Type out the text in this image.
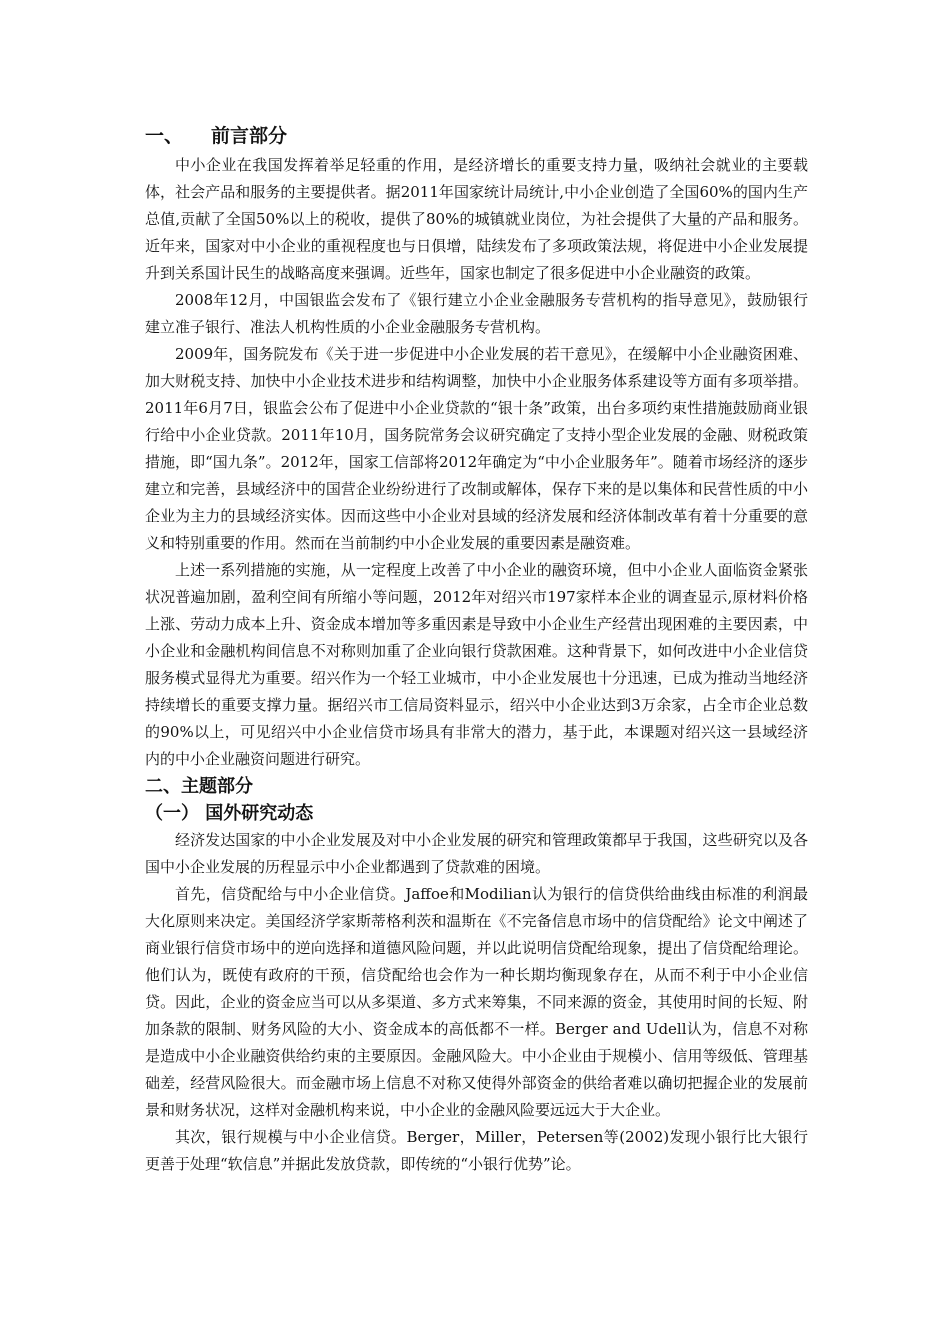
一、 前言部分

中小企业在我国发挥着举足轻重的作用，是经济增长的重要支持力量，吸纳社会就业的主要载体，社会产品和服务的主要提供者。据2011年国家统计局统计,中小企业创造了全国60%的国内生产总值,贡献了全国50%以上的税收，提供了80%的城镇就业岗位，为社会提供了大量的产品和服务。近年来，国家对中小企业的重视程度也与日俱增，陆续发布了多项政策法规，将促进中小企业发展提升到关系国计民生的战略高度来强调。近些年，国家也制定了很多促进中小企业融资的政策。

2008年12月，中国银监会发布了《银行建立小企业金融服务专营机构的指导意见》，鼓励银行建立准子银行、准法人机构性质的小企业金融服务专营机构。

2009年，国务院发布《关于进一步促进中小企业发展的若干意见》，在缓解中小企业融资困难、加大财税支持、加快中小企业技术进步和结构调整，加快中小企业服务体系建设等方面有多项举措。2011年6月7日，银监会公布了促进中小企业贷款的“银十条”政策，出台多项约束性措施鼓励商业银行给中小企业贷款。2011年10月，国务院常务会议研究确定了支持小型企业发展的金融、财税政策措施，即“国九条”。2012年，国家工信部将2012年确定为“中小企业服务年”。随着市场经济的逐步建立和完善，县域经济中的国营企业纷纷进行了改制或解体，保存下来的是以集体和民营性质的中小企业为主力的县域经济实体。因而这些中小企业对县域的经济发展和经济体制改革有着十分重要的意义和特别重要的作用。然而在当前制约中小企业发展的重要因素是融资难。

上述一系列措施的实施，从一定程度上改善了中小企业的融资环境，但中小企业人面临资金紧张状况普遍加剧，盈利空间有所缩小等问题，2012年对绍兴市197家样本企业的调查显示,原材料价格上涨、劳动力成本上升、资金成本增加等多重因素是导致中小企业生产经营出现困难的主要因素，中小企业和金融机构间信息不对称则加重了企业向银行贷款困难。这种背景下，如何改进中小企业信贷服务模式显得尤为重要。绍兴作为一个轻工业城市，中小企业发展也十分迅速，已成为推动当地经济持续增长的重要支撑力量。据绍兴市工信局资料显示，绍兴中小企业达到3万余家，占全市企业总数的90%以上，可见绍兴中小企业信贷市场具有非常大的潜力，基于此，本课题对绍兴这一县域经济内的中小企业融资问题进行研究。

二、主题部分
（一） 国外研究动态

经济发达国家的中小企业发展及对中小企业发展的研究和管理政策都早于我国，这些研究以及各国中小企业发展的历程显示中小企业都遇到了贷款难的困境。

首先，信贷配给与中小企业信贷。Jaffoe和Modilian认为银行的信贷供给曲线由标准的利润最大化原则来决定。美国经济学家斯蒂格利茨和温斯在《不完备信息市场中的信贷配给》论文中阐述了商业银行信贷市场中的逆向选择和道德风险问题，并以此说明信贷配给现象，提出了信贷配给理论。他们认为，既使有政府的干预，信贷配给也会作为一种长期均衡现象存在，从而不利于中小企业信贷。因此，企业的资金应当可以从多渠道、多方式来筹集，不同来源的资金，其使用时间的长短、附加条款的限制、财务风险的大小、资金成本的高低都不一样。Berger and Udell认为，信息不对称是造成中小企业融资供给约束的主要原因。金融风险大。中小企业由于规模小、信用等级低、管理基础差，经营风险很大。而金融市场上信息不对称又使得外部资金的供给者难以确切把握企业的发展前景和财务状况，这样对金融机构来说，中小企业的金融风险要远远大于大企业。

其次，银行规模与中小企业信贷。Berger，Miller，Petersen等(2002)发现小银行比大银行更善于处理“软信息”并据此发放贷款，即传统的“小银行优势”论。
